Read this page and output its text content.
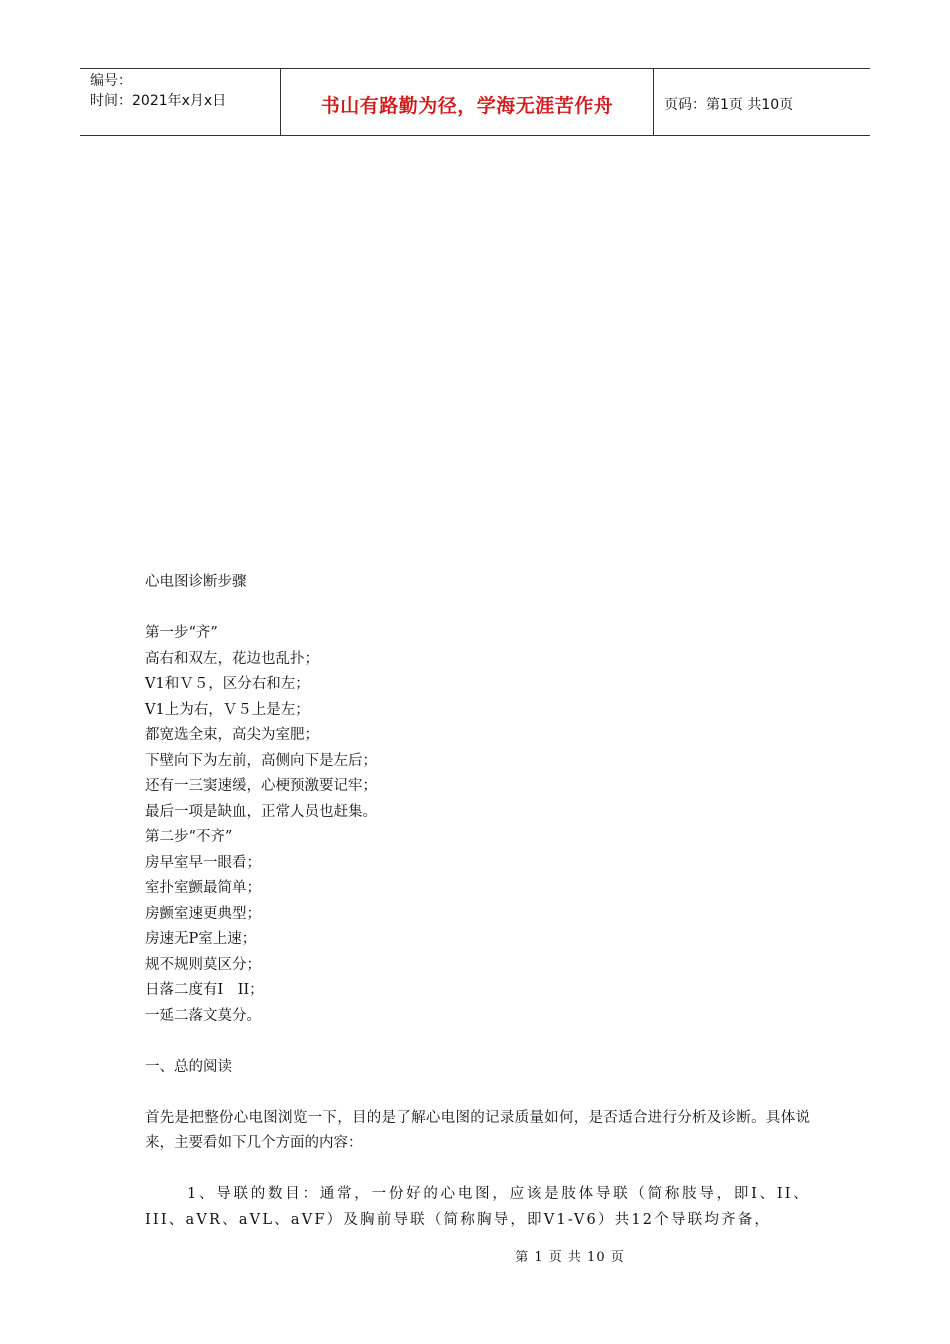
编号：
时间：2021年x月x日	书山有路勤为径，学海无涯苦作舟	页码：第1页 共10页
心电图诊断步骤
第一步“齐”
高右和双左，花边也乱扑；
V1和Ｖ５，区分右和左；
V1上为右，Ｖ５上是左；
都宽选全束，高尖为室肥；
下壁向下为左前，高侧向下是左后；
还有一三窦速缓，心梗预激要记牢；
最后一项是缺血，正常人员也赶集。
第二步“不齐”
房早室早一眼看；
室扑室颤最简单；
房颤室速更典型；
房速无P室上速；
规不规则莫区分；
日落二度有I　II；
一延二落文莫分。
一、总的阅读
首先是把整份心电图浏览一下，目的是了解心电图的记录质量如何，是否适合进行分析及诊断。具体说来，主要看如下几个方面的内容：
1、导联的数目：通常，一份好的心电图，应该是肢体导联（简称肢导，即I、II、III、aVR、aVL、aVF）及胸前导联（简称胸导，即V1-V6）共12个导联均齐备，
第 1 页 共 10 页
